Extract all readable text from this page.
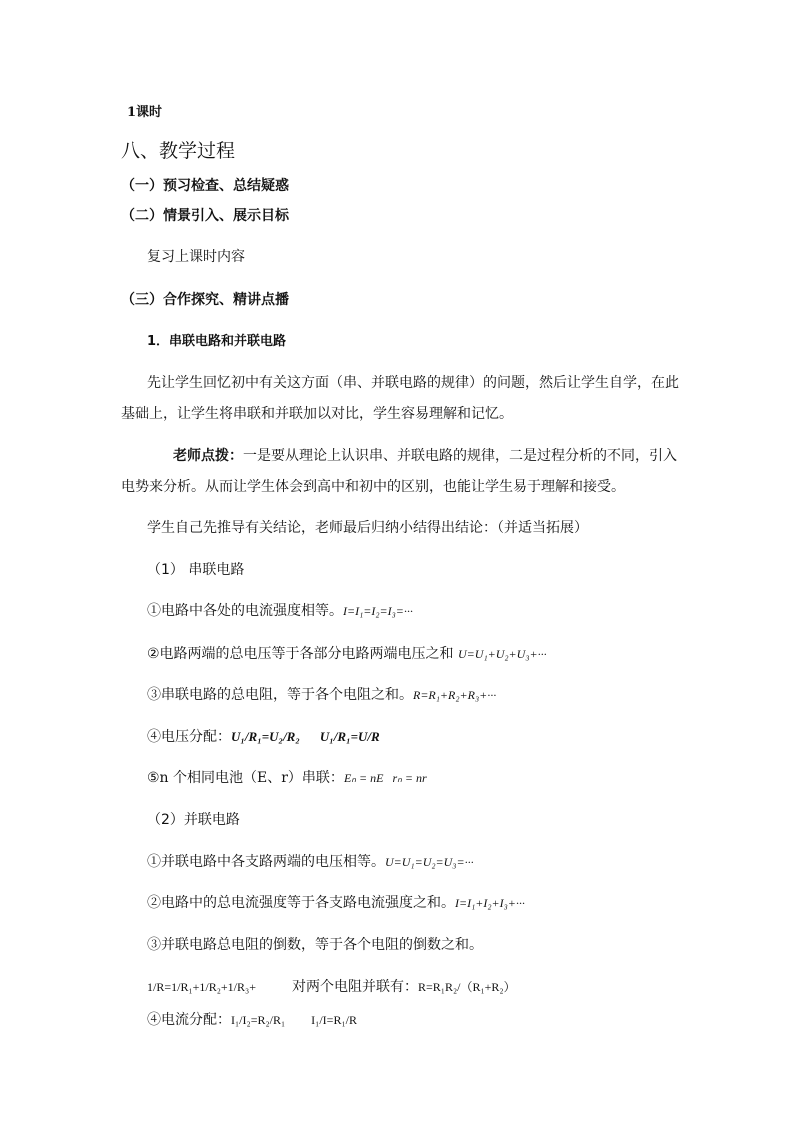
1课时
八、教学过程
（一）预习检查、总结疑惑
（二）情景引入、展示目标
复习上课时内容
（三）合作探究、精讲点播
1．串联电路和并联电路
先让学生回忆初中有关这方面（串、并联电路的规律）的问题，然后让学生自学，在此
基础上，让学生将串联和并联加以对比，学生容易理解和记忆。
老师点拨：一是要从理论上认识串、并联电路的规律，二是过程分析的不同，引入
电势来分析。从而让学生体会到高中和初中的区别，也能让学生易于理解和接受。
学生自己先推导有关结论，老师最后归纳小结得出结论：（并适当拓展）
（1） 串联电路
①电路中各处的电流强度相等。I=I₁=I₂=I₃=···
②电路两端的总电压等于各部分电路两端电压之和 U=U₁+U₂+U₃+···
③串联电路的总电阻，等于各个电阻之和。R=R₁+R₂+R₃+···
④电压分配：U₁/R₁=U₂/R₂ U₁/R₁=U/R
⑤n 个相同电池（E、r）串联：Eₙ = nE   rₙ = nr
（2）并联电路
①并联电路中各支路两端的电压相等。U=U₁=U₂=U₃=···
②电路中的总电流强度等于各支路电流强度之和。I=I₁+I₂+I₃+···
③并联电路总电阻的倒数，等于各个电阻的倒数之和。
1/R=1/R₁+1/R₂+1/R₃+	对两个电阻并联有：R=R₁R₂/（R₁+R₂）
④电流分配：I₁/I₂=R₂/R₁ I₁/I=R₁/R
